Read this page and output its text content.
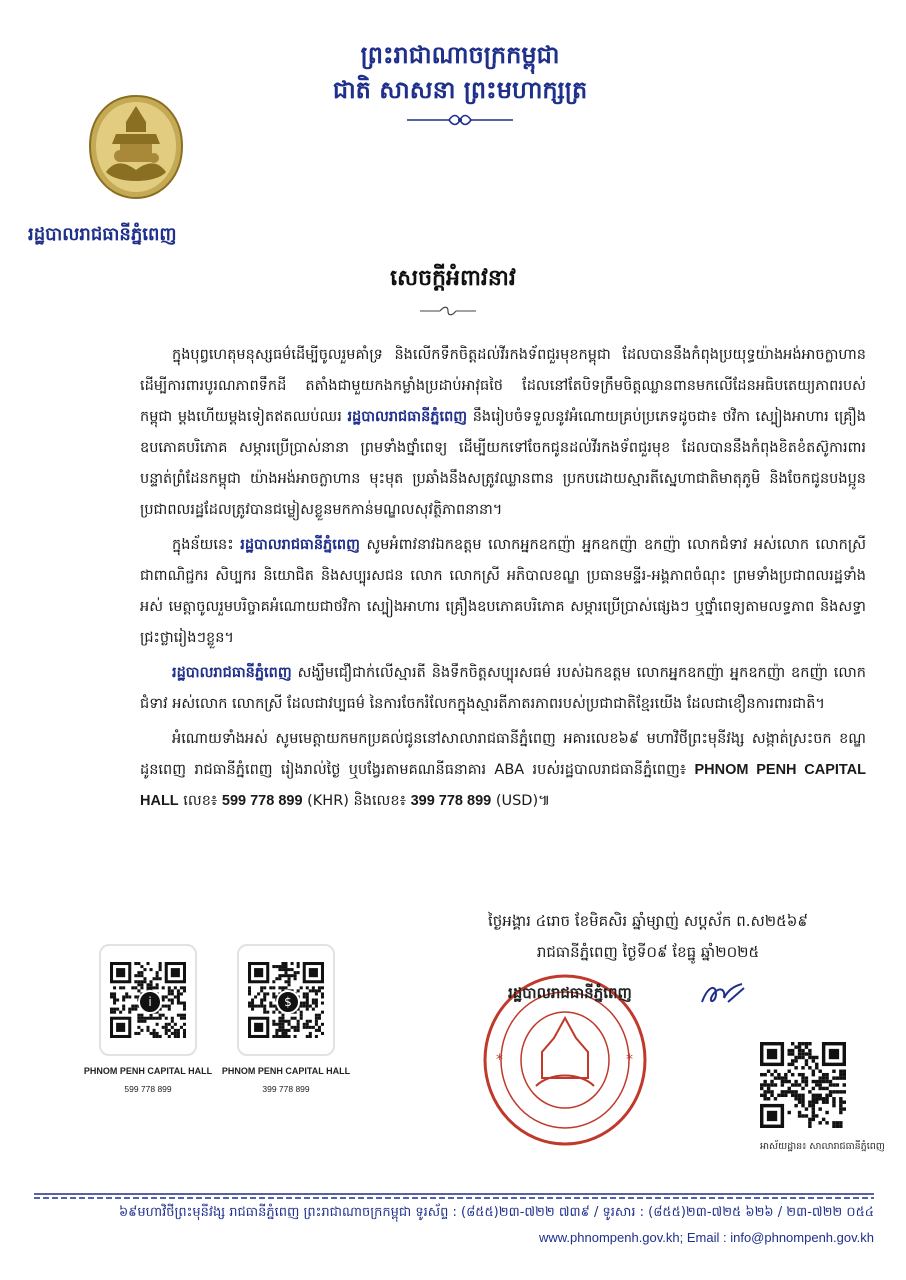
ព្រះរាជាណាចក្រកម្ពុជា
ជាតិ សាសនា ព្រះមហាក្សត្រ
រដ្ឋបាលរាជធានីភ្នំពេញ
សេចក្តីអំពាវនាវ

ក្នុងបុព្វហេតុមនុស្សធម៌ដើម្បីចូលរួមគាំទ្រ និងលើកទឹកចិត្តដល់វីរកងទ័ពជួរមុខកម្ពុជា ដែលបាននឹងកំពុងប្រយុទ្ធយ៉ាងអង់អាចក្លាហាន ដើម្បីការពារបូរណភាពទឹកដី តតាំងជាមួយកងកម្លាំងប្រដាប់អាវុធថៃ ដែលនៅតែបិទក្រឹមចិត្តឈ្លានពានមកលើដែនអធិបតេយ្យភាពរបស់កម្ពុជា ម្តងហើយម្តងទៀតឥតឈប់ឈរ រដ្ឋបាលរាជធានីភ្នំពេញ នឹងរៀបចំទទួលនូវអំណោយគ្រប់ប្រភេទដូចជា៖ ថវិកា ស្បៀងអាហារ គ្រឿងឧបភោគបរិភោគ សម្ភារប្រើប្រាស់នានា ព្រមទាំងថ្នាំពេទ្យ ដើម្បីយកទៅចែកជូនដល់វីរកងទ័ពជួរមុខ ដែលបាននឹងកំពុងខិតខំតស៊ូការពារបន្ទាត់ព្រំដែនកម្ពុជា យ៉ាងអង់អាចក្លាហាន មុះមុត ប្រឆាំងនឹងសត្រូវឈ្លានពាន ប្រកបដោយស្មារតីស្នេហាជាតិមាតុភូមិ និងចែកជូនបងប្អូនប្រជាពលរដ្ឋដែលត្រូវបានជម្លៀសខ្លួនមកកាន់មណ្ឌលសុវត្ថិភាពនានា។

ក្នុងន័យនេះ រដ្ឋបាលរាជធានីភ្នំពេញ សូមអំពាវនាវឯកឧត្តម លោកអ្នកឧកញ៉ា អ្នកឧកញ៉ា ឧកញ៉ា លោកជំទាវ អស់លោក លោកស្រី ជាពាណិជ្ជករ សិប្បករ និយោជិត និងសប្បុរសជន លោក លោកស្រី អភិបាលខណ្ឌ ប្រធានមន្ទីរ-អង្គភាពចំណុះ ព្រមទាំងប្រជាពលរដ្ឋទាំងអស់ មេត្តាចូលរួមបរិច្ចាគអំណោយជាថវិកា ស្បៀងអាហារ គ្រឿងឧបភោគបរិភោគ សម្ភារប្រើប្រាស់ផ្សេងៗ ឬថ្នាំពេទ្យតាមលទ្ធភាព និងសទ្ធាជ្រះថ្លារៀងៗខ្លួន។

រដ្ឋបាលរាជធានីភ្នំពេញ សង្ឃឹមជឿជាក់លើស្មារតី និងទឹកចិត្តសប្បុរសធម៌ របស់ឯកឧត្តម លោកអ្នកឧកញ៉ា អ្នកឧកញ៉ា ឧកញ៉ា លោកជំទាវ អស់លោក លោកស្រី ដែលជាវប្បធម៌ នៃការចែករំលែកក្នុងស្មារតីភាតរភាពរបស់ប្រជាជាតិខ្មែរយើង ដែលជាខឿនការពារជាតិ។

អំណោយទាំងអស់ សូមមេត្តាយកមកប្រគល់ជូននៅសាលារាជធានីភ្នំពេញ អគារលេខ៦៩ មហាវិថីព្រះមុនីវង្ស សង្កាត់ស្រះចក ខណ្ឌដូនពេញ រាជធានីភ្នំពេញ រៀងរាល់ថ្ងៃ ឬបង្វែរតាមគណនីធនាគារ ABA របស់រដ្ឋបាលរាជធានីភ្នំពេញ៖ PHNOM PENH CAPITAL HALL លេខ៖ 599 778 899 (KHR) និងលេខ៖ 399 778 899 (USD)៕

ថ្ងៃអង្គារ ៤រោច ខែមិគសិរ ឆ្នាំម្សាញ់ សប្តស័ក ព.ស២៥៦៩
រាជធានីភ្នំពេញ ថ្ងៃទី០៩ ខែធ្នូ ឆ្នាំ២០២៥
i
PHNOM PENH CAPITAL HALL
599 778 899
$
PHNOM PENH CAPITAL HALL
399 778 899
*	*
រដ្ឋបាលរាជធានីភ្នំពេញ
អាស័យដ្ឋាន៖ សាលារាជធានីភ្នំពេញ
៦៩មហាវិថីព្រះមុនីវង្ស រាជធានីភ្នំពេញ ព្រះរាជាណាចក្រកម្ពុជា ទូរស័ព្ទ : (៨៥៥)២៣-៧២២ ៧៣៩ / ទូរសារ : (៨៥៥)២៣-៧២៥ ៦២៦ / ២៣-៧២២ ០៥៤
www.phnompenh.gov.kh; Email : info@phnompenh.gov.kh
